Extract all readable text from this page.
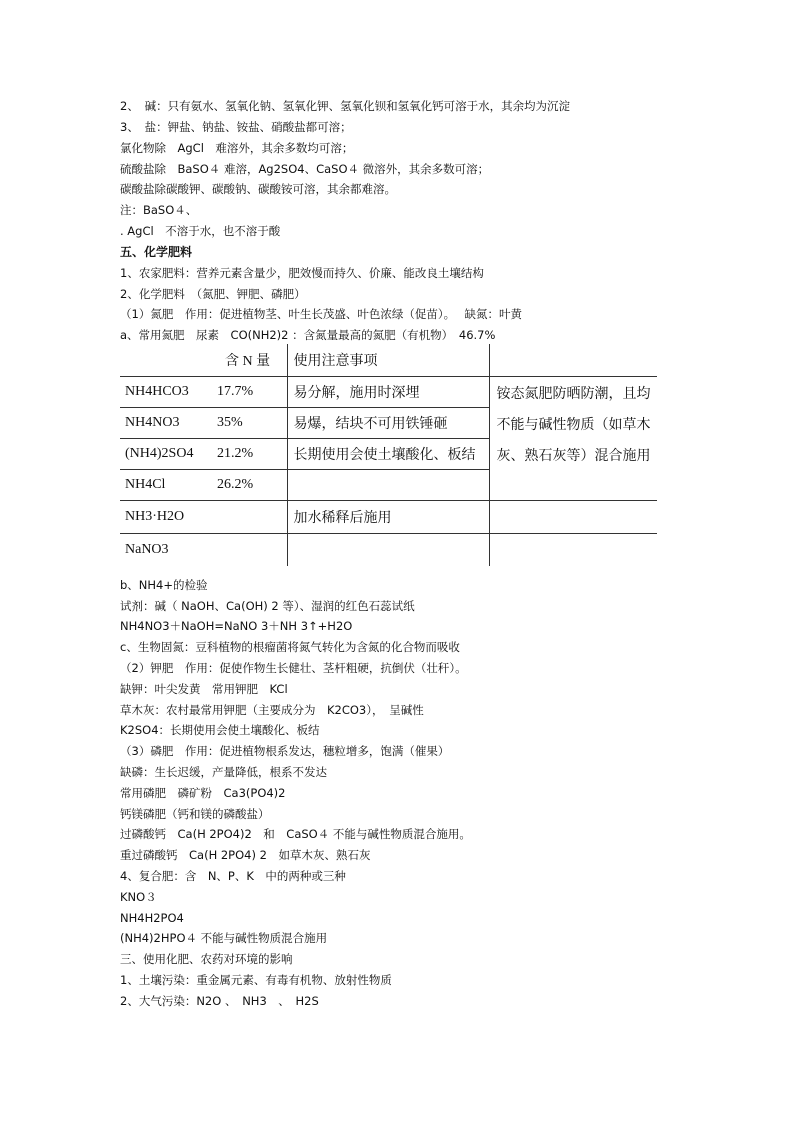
2、　碱：只有氨水、氢氧化钠、氢氧化钾、氢氧化钡和氢氧化钙可溶于水，其余均为沉淀
3、　盐：钾盐、钠盐、铵盐、硝酸盐都可溶；
氯化物除　AgCl　难溶外，其余多数均可溶；
硫酸盐除　BaSO４ 难溶，Ag2SO4、CaSO４ 微溶外，其余多数可溶；
碳酸盐除碳酸钾、碳酸钠、碳酸铵可溶，其余都难溶。
注：BaSO４、
. AgCl　不溶于水，也不溶于酸
五、化学肥料
1、农家肥料：营养元素含量少，肥效慢而持久、价廉、能改良土壤结构
2、化学肥料　（氮肥、钾肥、磷肥）
（1）氮肥　作用：促进植物茎、叶生长茂盛、叶色浓绿（促苗）。　 缺氮：叶黄
a、常用氮肥　尿素　CO(NH2)2 ：含氮量最高的氮肥（有机物）　46.7%
	含 N 量	使用注意事项	
NH4HCO3	17.7%	易分解，施用时深埋	铵态氮肥防晒防潮，且均不能与碱性物质（如草木灰、熟石灰等）混合施用
NH4NO3	35%	易爆，结块不可用铁锤砸	
(NH4)2SO4	21.2%	长期使用会使土壤酸化、板结	
NH4Cl	26.2%		
NH3·H2O		加水稀释后施用	
NaNO3			
b、NH4+的检验
试剂：碱（ NaOH、Ca(OH) 2 等）、湿润的红色石蕊试纸
NH4NO3＋NaOH=NaNO 3＋NH 3↑+H2O
c、生物固氮：豆科植物的根瘤菌将氮气转化为含氮的化合物而吸收
（2）钾肥　作用：促使作物生长健壮、茎杆粗硬，抗倒伏（壮秆）。
缺钾：叶尖发黄　常用钾肥　KCl
草木灰：农村最常用钾肥（主要成分为　K2CO3），　呈碱性
K2SO4：长期使用会使土壤酸化、板结
（3）磷肥　作用：促进植物根系发达，穗粒增多，饱满（催果）
缺磷：生长迟缓，产量降低，根系不发达
常用磷肥　磷矿粉　Ca3(PO4)2
钙镁磷肥（钙和镁的磷酸盐）
过磷酸钙　Ca(H 2PO4)2　和　CaSO４ 不能与碱性物质混合施用。
重过磷酸钙　Ca(H 2PO4) 2　如草木灰、熟石灰
4、复合肥：含　N、P、K　中的两种或三种
KNO３
NH4H2PO4
(NH4)2HPO４ 不能与碱性物质混合施用
三、使用化肥、农药对环境的影响
1、土壤污染：重金属元素、有毒有机物、放射性物质
2、大气污染：N2O 、　NH3　、　H2S
